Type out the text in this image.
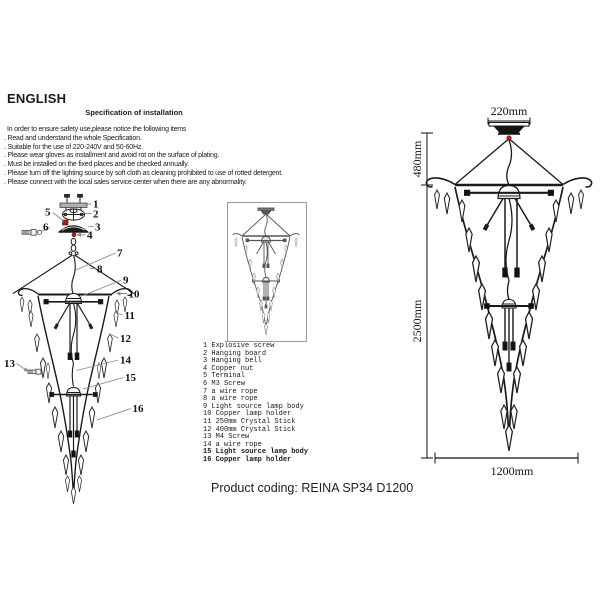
ENGLISH
Specification of installation
In order to ensure safety use,please notice the following items
. Read and understand the whole Specification.
. Suitable for the use of 220-240V and 50-60Hz.
. Please wear gloves as installment and avoid rot on the surface of plating.
. Must be installed on the fixed places and be checked annually.
. Please turn off the lighting source by soft cloth as cleaning prohibited to use of rotted detergent.
. Please connect with the local sales service center when there are any abnormality.
1
2
3
4
5
6
7
8
9
10
11
12
13	14
15
16
1 Explosive screw
2 Hanging board
3 Hanging bell
4 Copper nut
5 Terminal
6 M3 Screw
7 a wire rope
8 a wire rope
9 Light source lamp body
10 Copper lamp holder
11 250mm Crystal Stick
12 400mm Crystal Stick
13 M4 Screw
14 a wire rope
15 Light source lamp body
16 Copper lamp holder
220mm
480mm
2500mm
1200mm
Product coding: REINA SP34 D1200
